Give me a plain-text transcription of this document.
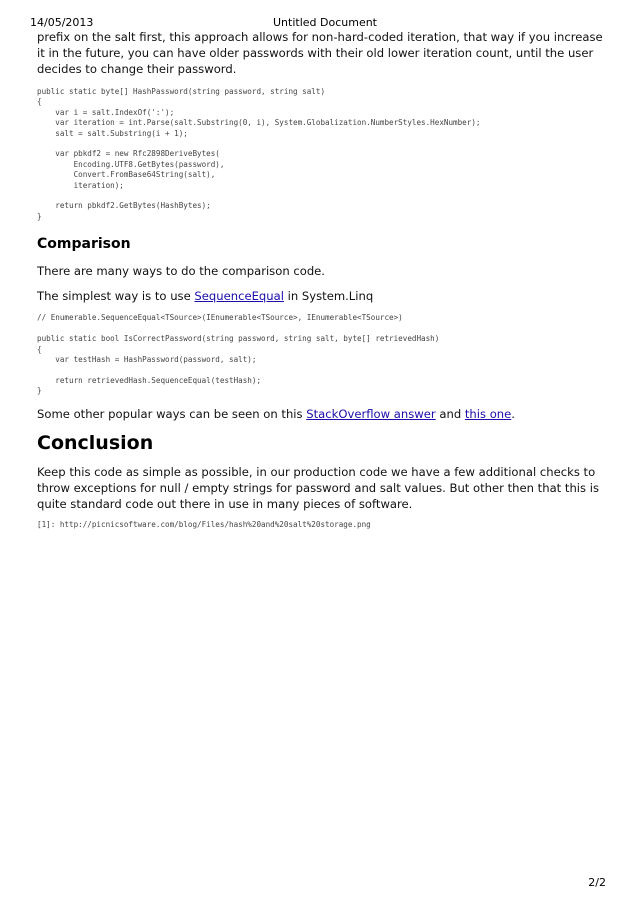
14/05/2013	Untitled Document

prefix on the salt first, this approach allows for non-hard-coded iteration, that way if you increase it in the future, you can have older passwords with their old lower iteration count, until the user decides to change their password.

public static byte[] HashPassword(string password, string salt)
{
var i = salt.IndexOf(':');
var iteration = int.Parse(salt.Substring(0, i), System.Globalization.NumberStyles.HexNumber);
salt = salt.Substring(i + 1);

var pbkdf2 = new Rfc2898DeriveBytes(
Encoding.UTF8.GetBytes(password),
Convert.FromBase64String(salt),
iteration);

return pbkdf2.GetBytes(HashBytes);
}
Comparison

There are many ways to do the comparison code.

The simplest way is to use SequenceEqual in System.Linq

// Enumerable.SequenceEqual<TSource>(IEnumerable<TSource>, IEnumerable<TSource>)

public static bool IsCorrectPassword(string password, string salt, byte[] retrievedHash)
{
var testHash = HashPassword(password, salt);

return retrievedHash.SequenceEqual(testHash);
}

Some other popular ways can be seen on this StackOverflow answer and this one.

Conclusion

Keep this code as simple as possible, in our production code we have a few additional checks to throw exceptions for null / empty strings for password and salt values. But other then that this is quite standard code out there in use in many pieces of software.

[1]: http://picnicsoftware.com/blog/Files/hash%20and%20salt%20storage.png
2/2
